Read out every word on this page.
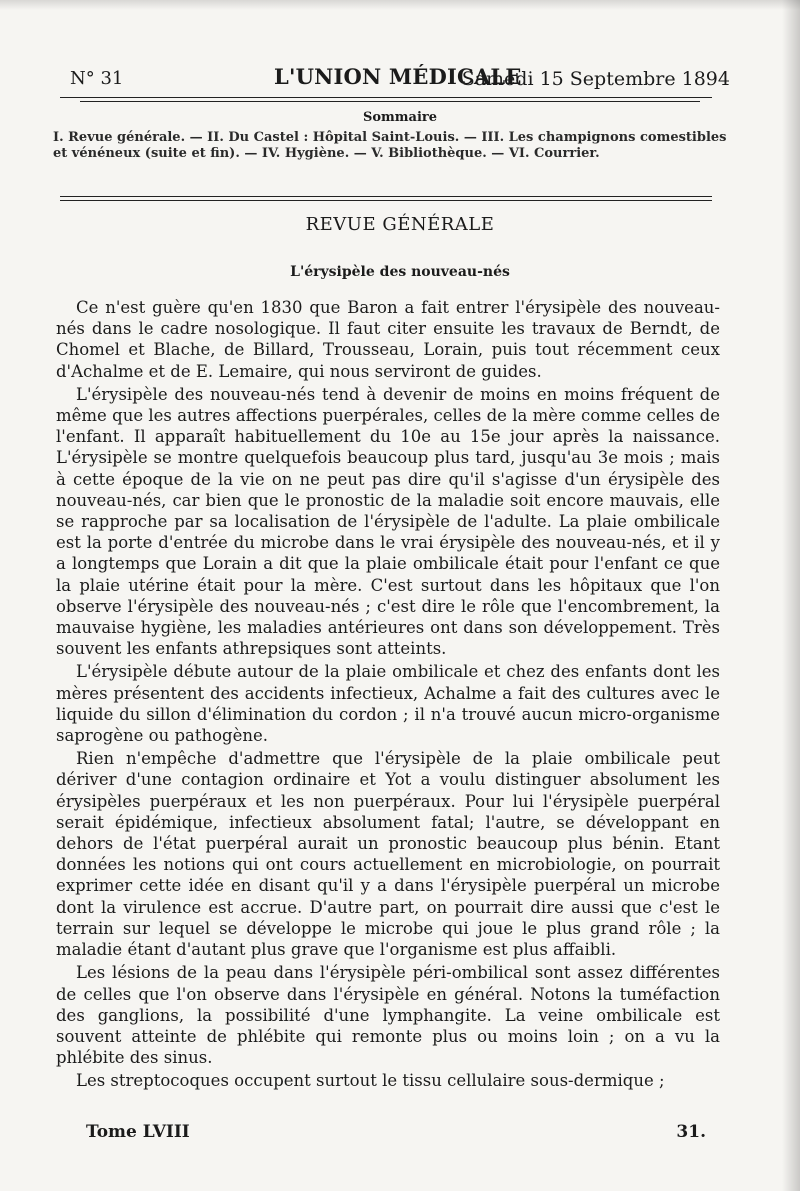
N° 31	L'UNION MÉDICALE
Samedi 15 Septembre 1894
Sommaire
I. Revue générale. — II. Du Castel : Hôpital Saint-Louis. — III. Les champignons comestibles et vénéneux (suite et fin). — IV. Hygiène. — V. Bibliothèque. — VI. Courrier.
REVUE GÉNÉRALE
L'érysipèle des nouveau-nés

Ce n'est guère qu'en 1830 que Baron a fait entrer l'érysipèle des nouveau-nés dans le cadre nosologique. Il faut citer ensuite les travaux de Berndt, de Chomel et Blache, de Billard, Trousseau, Lorain, puis tout récemment ceux d'Achalme et de E. Lemaire, qui nous serviront de guides.

L'érysipèle des nouveau-nés tend à devenir de moins en moins fréquent de même que les autres affections puerpérales, celles de la mère comme celles de l'enfant. Il apparaît habituellement du 10e au 15e jour après la naissance. L'érysipèle se montre quelquefois beaucoup plus tard, jusqu'au 3e mois ; mais à cette époque de la vie on ne peut pas dire qu'il s'agisse d'un érysipèle des nouveau-nés, car bien que le pronostic de la maladie soit encore mauvais, elle se rapproche par sa localisation de l'érysipèle de l'adulte. La plaie ombilicale est la porte d'entrée du microbe dans le vrai érysipèle des nouveau-nés, et il y a longtemps que Lorain a dit que la plaie ombilicale était pour l'enfant ce que la plaie utérine était pour la mère. C'est surtout dans les hôpitaux que l'on observe l'érysipèle des nouveau-nés ; c'est dire le rôle que l'encombrement, la mauvaise hygiène, les maladies antérieures ont dans son développement. Très souvent les enfants athrepsiques sont atteints.

L'érysipèle débute autour de la plaie ombilicale et chez des enfants dont les mères présentent des accidents infectieux, Achalme a fait des cultures avec le liquide du sillon d'élimination du cordon ; il n'a trouvé aucun micro-organisme saprogène ou pathogène.

Rien n'empêche d'admettre que l'érysipèle de la plaie ombilicale peut dériver d'une contagion ordinaire et Yot a voulu distinguer absolument les érysipèles puerpéraux et les non puerpéraux. Pour lui l'érysipèle puerpéral serait épidémique, infectieux absolument fatal; l'autre, se développant en dehors de l'état puerpéral aurait un pronostic beaucoup plus bénin. Etant données les notions qui ont cours actuellement en microbiologie, on pourrait exprimer cette idée en disant qu'il y a dans l'érysipèle puerpéral un microbe dont la virulence est accrue. D'autre part, on pourrait dire aussi que c'est le terrain sur lequel se développe le microbe qui joue le plus grand rôle ; la maladie étant d'autant plus grave que l'organisme est plus affaibli.

Les lésions de la peau dans l'érysipèle péri-ombilical sont assez différentes de celles que l'on observe dans l'érysipèle en général. Notons la tuméfaction des ganglions, la possibilité d'une lymphangite. La veine ombilicale est souvent atteinte de phlébite qui remonte plus ou moins loin ; on a vu la phlébite des sinus.

Les streptocoques occupent surtout le tissu cellulaire sous-dermique ;

Tome LVIII	31.
